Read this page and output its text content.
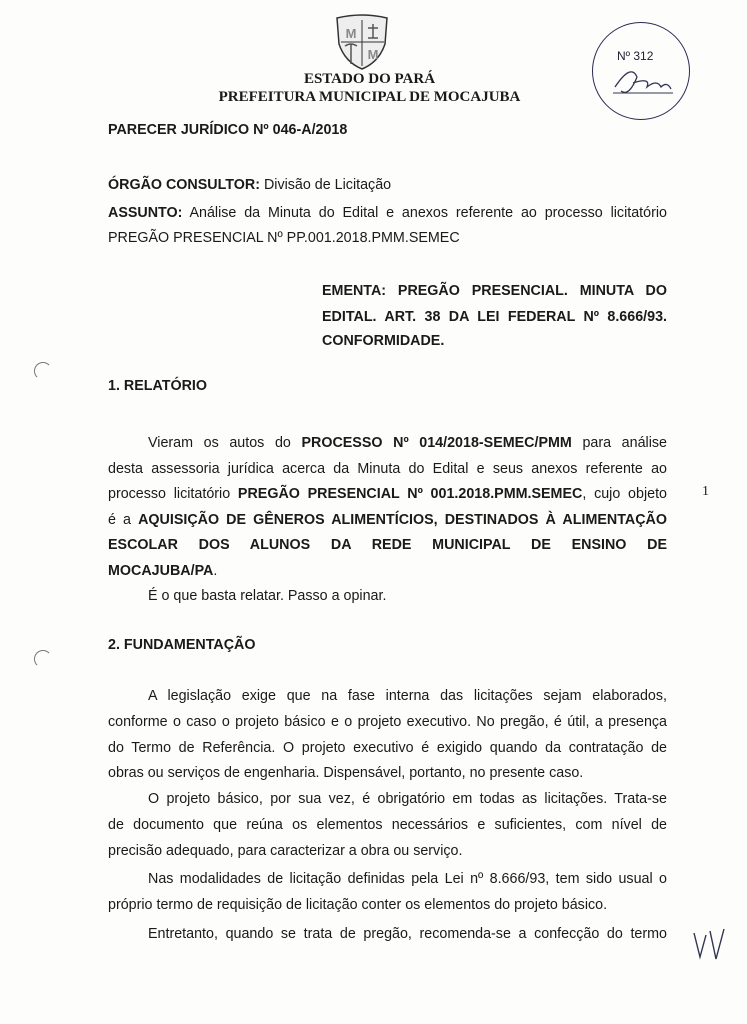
M
M
ESTADO DO PARÁ
PREFEITURA MUNICIPAL DE MOCAJUBA
Nº 312
PARECER JURÍDICO Nº 046-A/2018
ÓRGÃO CONSULTOR: Divisão de Licitação
ASSUNTO: Análise da Minuta do Edital e anexos referente ao processo licitatório
PREGÃO PRESENCIAL Nº PP.001.2018.PMM.SEMEC
EMENTA: PREGÃO PRESENCIAL. MINUTA DO
EDITAL. ART. 38 DA LEI FEDERAL Nº 8.666/93.
CONFORMIDADE.
1. RELATÓRIO
Vieram os autos do PROCESSO Nº 014/2018-SEMEC/PMM para análise
desta assessoria jurídica acerca da Minuta do Edital e seus anexos referente ao
processo licitatório PREGÃO PRESENCIAL Nº 001.2018.PMM.SEMEC, cujo objeto
é a AQUISIÇÃO DE GÊNEROS ALIMENTÍCIOS, DESTINADOS À ALIMENTAÇÃO
ESCOLAR DOS ALUNOS DA REDE MUNICIPAL DE ENSINO DE
MOCAJUBA/PA.
É o que basta relatar. Passo a opinar.
2. FUNDAMENTAÇÃO
A legislação exige que na fase interna das licitações sejam elaborados,
conforme o caso o projeto básico e o projeto executivo. No pregão, é útil, a presença
do Termo de Referência. O projeto executivo é exigido quando da contratação de
obras ou serviços de engenharia. Dispensável, portanto, no presente caso.
O projeto básico, por sua vez, é obrigatório em todas as licitações. Trata-se
de documento que reúna os elementos necessários e suficientes, com nível de
precisão adequado, para caracterizar a obra ou serviço.
Nas modalidades de licitação definidas pela Lei nº 8.666/93, tem sido usual o
próprio termo de requisição de licitação conter os elementos do projeto básico.
Entretanto, quando se trata de pregão, recomenda-se a confecção do termo
1
